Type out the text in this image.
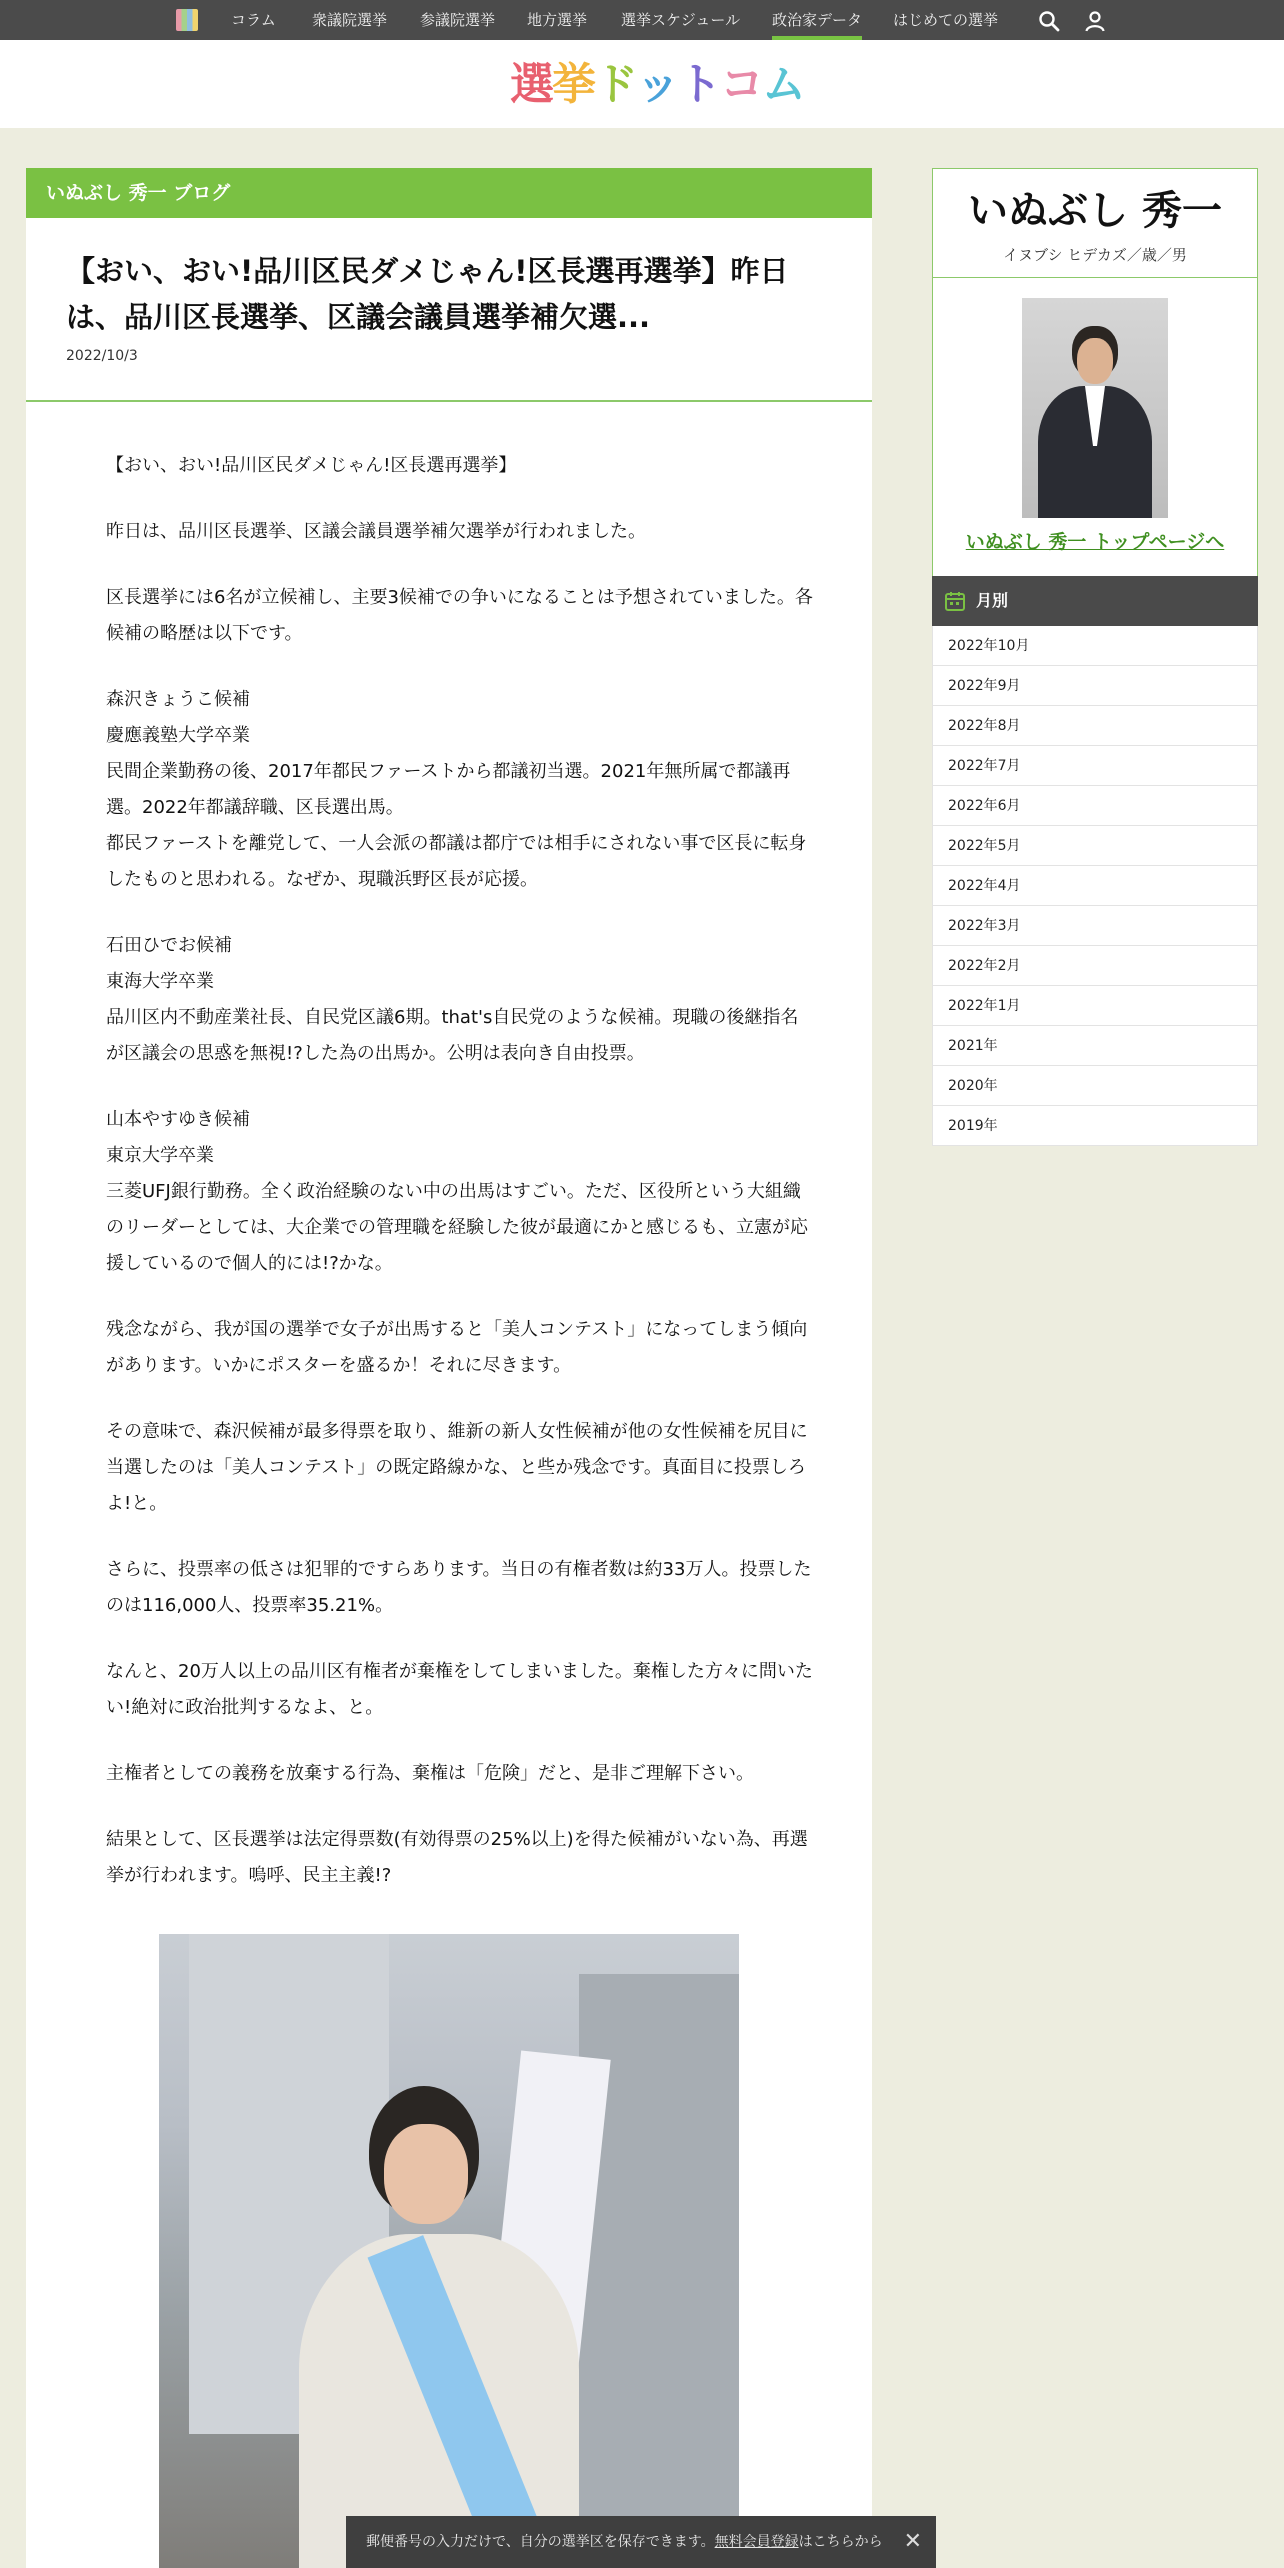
コラム 衆議院選挙 参議院選挙 地方選挙 選挙スケジュール 政治家データ はじめての選挙
選挙ドットコム
いぬぶし 秀一 ブログ
【おい、おい!品川区民ダメじゃん!区長選再選挙】昨日は、品川区長選挙、区議会議員選挙補欠選...
2022/10/3

【おい、おい!品川区民ダメじゃん!区長選再選挙】

昨日は、品川区長選挙、区議会議員選挙補欠選挙が行われました。

区長選挙には6名が立候補し、主要3候補での争いになることは予想されていました。各候補の略歴は以下です。

森沢きょうこ候補
慶應義塾大学卒業
民間企業勤務の後、2017年都民ファーストから都議初当選。2021年無所属で都議再選。2022年都議辞職、区長選出馬。
都民ファーストを離党して、一人会派の都議は都庁では相手にされない事で区長に転身したものと思われる。なぜか、現職浜野区長が応援。

石田ひでお候補
東海大学卒業
品川区内不動産業社長、自民党区議6期。that's自民党のような候補。現職の後継指名が区議会の思惑を無視!?した為の出馬か。公明は表向き自由投票。

山本やすゆき候補
東京大学卒業
三菱UFJ銀行勤務。全く政治経験のない中の出馬はすごい。ただ、区役所という大組織のリーダーとしては、大企業での管理職を経験した彼が最適にかと感じるも、立憲が応援しているので個人的には!?かな。

残念ながら、我が国の選挙で女子が出馬すると「美人コンテスト」になってしまう傾向があります。いかにポスターを盛るか！それに尽きます。

その意味で、森沢候補が最多得票を取り、維新の新人女性候補が他の女性候補を尻目に当選したのは「美人コンテスト」の既定路線かな、と些か残念です。真面目に投票しろよ!と。

さらに、投票率の低さは犯罪的ですらあります。当日の有権者数は約33万人。投票したのは116,000人、投票率35.21%。

なんと、20万人以上の品川区有権者が棄権をしてしまいました。棄権した方々に問いたい!絶対に政治批判するなよ、と。

主権者としての義務を放棄する行為、棄権は「危険」だと、是非ご理解下さい。

結果として、区長選挙は法定得票数(有効得票の25%以上)を得た候補がいない為、再選挙が行われます。嗚呼、民主主義!?

いぬぶし 秀一
イヌブシ ヒデカズ／歳／男
いぬぶし 秀一 トップページへ
月別
2022年10月
2022年9月
2022年8月
2022年7月
2022年6月
2022年5月
2022年4月
2022年3月
2022年2月
2022年1月
2021年
2020年
2019年
郵便番号の入力だけで、自分の選挙区を保存できます。無料会員登録はこちらから ✕
